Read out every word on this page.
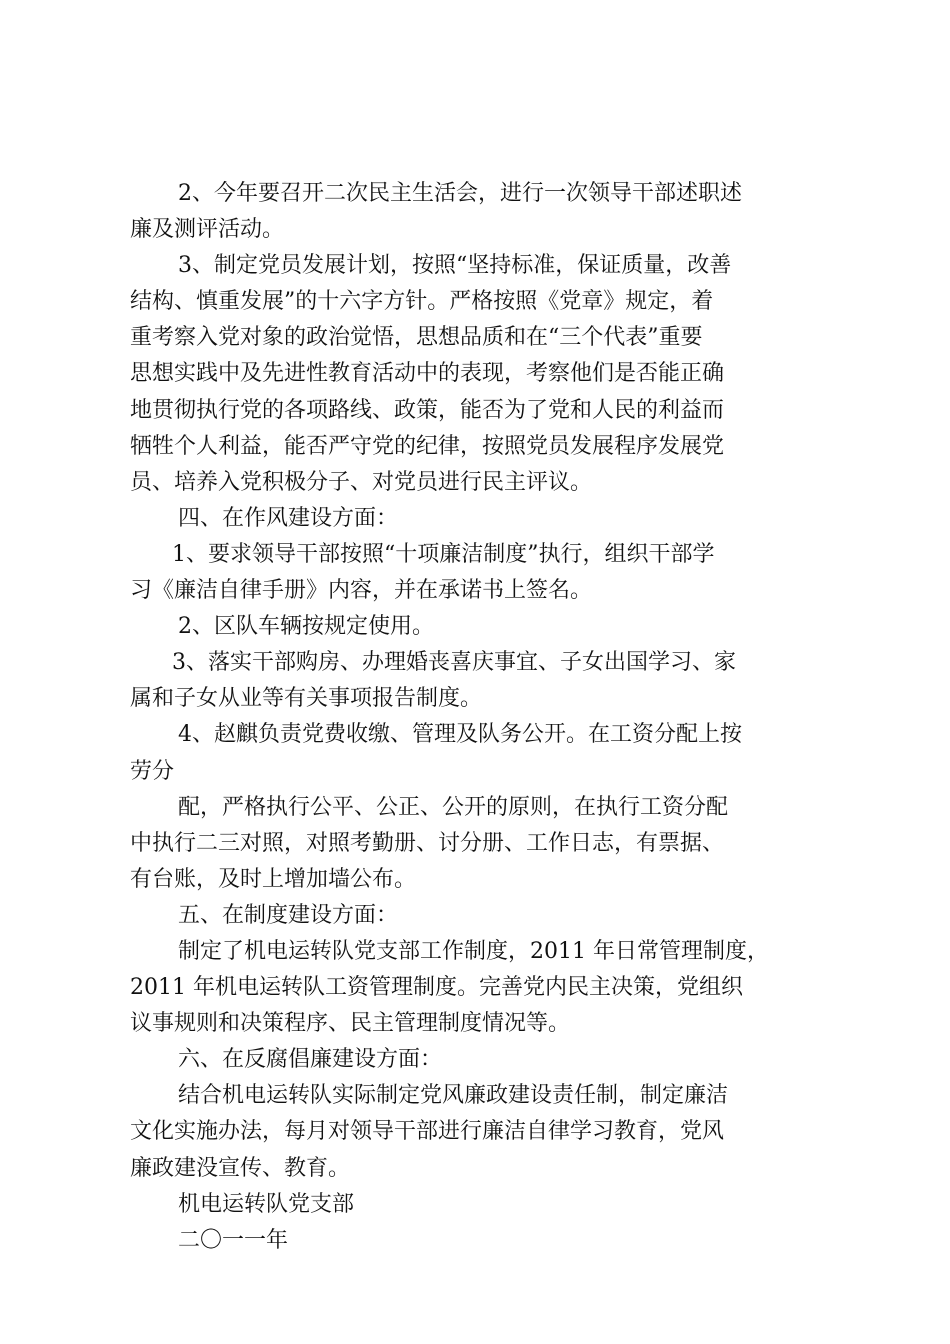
2、今年要召开二次民主生活会，进行一次领导干部述职述
廉及测评活动。
3、制定党员发展计划，按照“坚持标准，保证质量，改善
结构、慎重发展”的十六字方针。严格按照《党章》规定，着
重考察入党对象的政治觉悟，思想品质和在“三个代表”重要
思想实践中及先进性教育活动中的表现，考察他们是否能正确
地贯彻执行党的各项路线、政策，能否为了党和人民的利益而
牺牲个人利益，能否严守党的纪律，按照党员发展程序发展党
员、培养入党积极分子、对党员进行民主评议。
四、在作风建设方面：
1、要求领导干部按照“十项廉洁制度”执行，组织干部学
习《廉洁自律手册》内容，并在承诺书上签名。
2、区队车辆按规定使用。
3、落实干部购房、办理婚丧喜庆事宜、子女出国学习、家
属和子女从业等有关事项报告制度。
4、赵麒负责党费收缴、管理及队务公开。在工资分配上按
劳分
配，严格执行公平、公正、公开的原则，在执行工资分配
中执行二三对照，对照考勤册、讨分册、工作日志，有票据、
有台账，及时上增加墙公布。
五、在制度建设方面：
制定了机电运转队党支部工作制度，2011 年日常管理制度，
2011 年机电运转队工资管理制度。完善党内民主决策，党组织
议事规则和决策程序、民主管理制度情况等。
六、在反腐倡廉建设方面：
结合机电运转队实际制定党风廉政建设责任制，制定廉洁
文化实施办法，每月对领导干部进行廉洁自律学习教育，党风
廉政建没宣传、教育。
机电运转队党支部
二〇一一年
